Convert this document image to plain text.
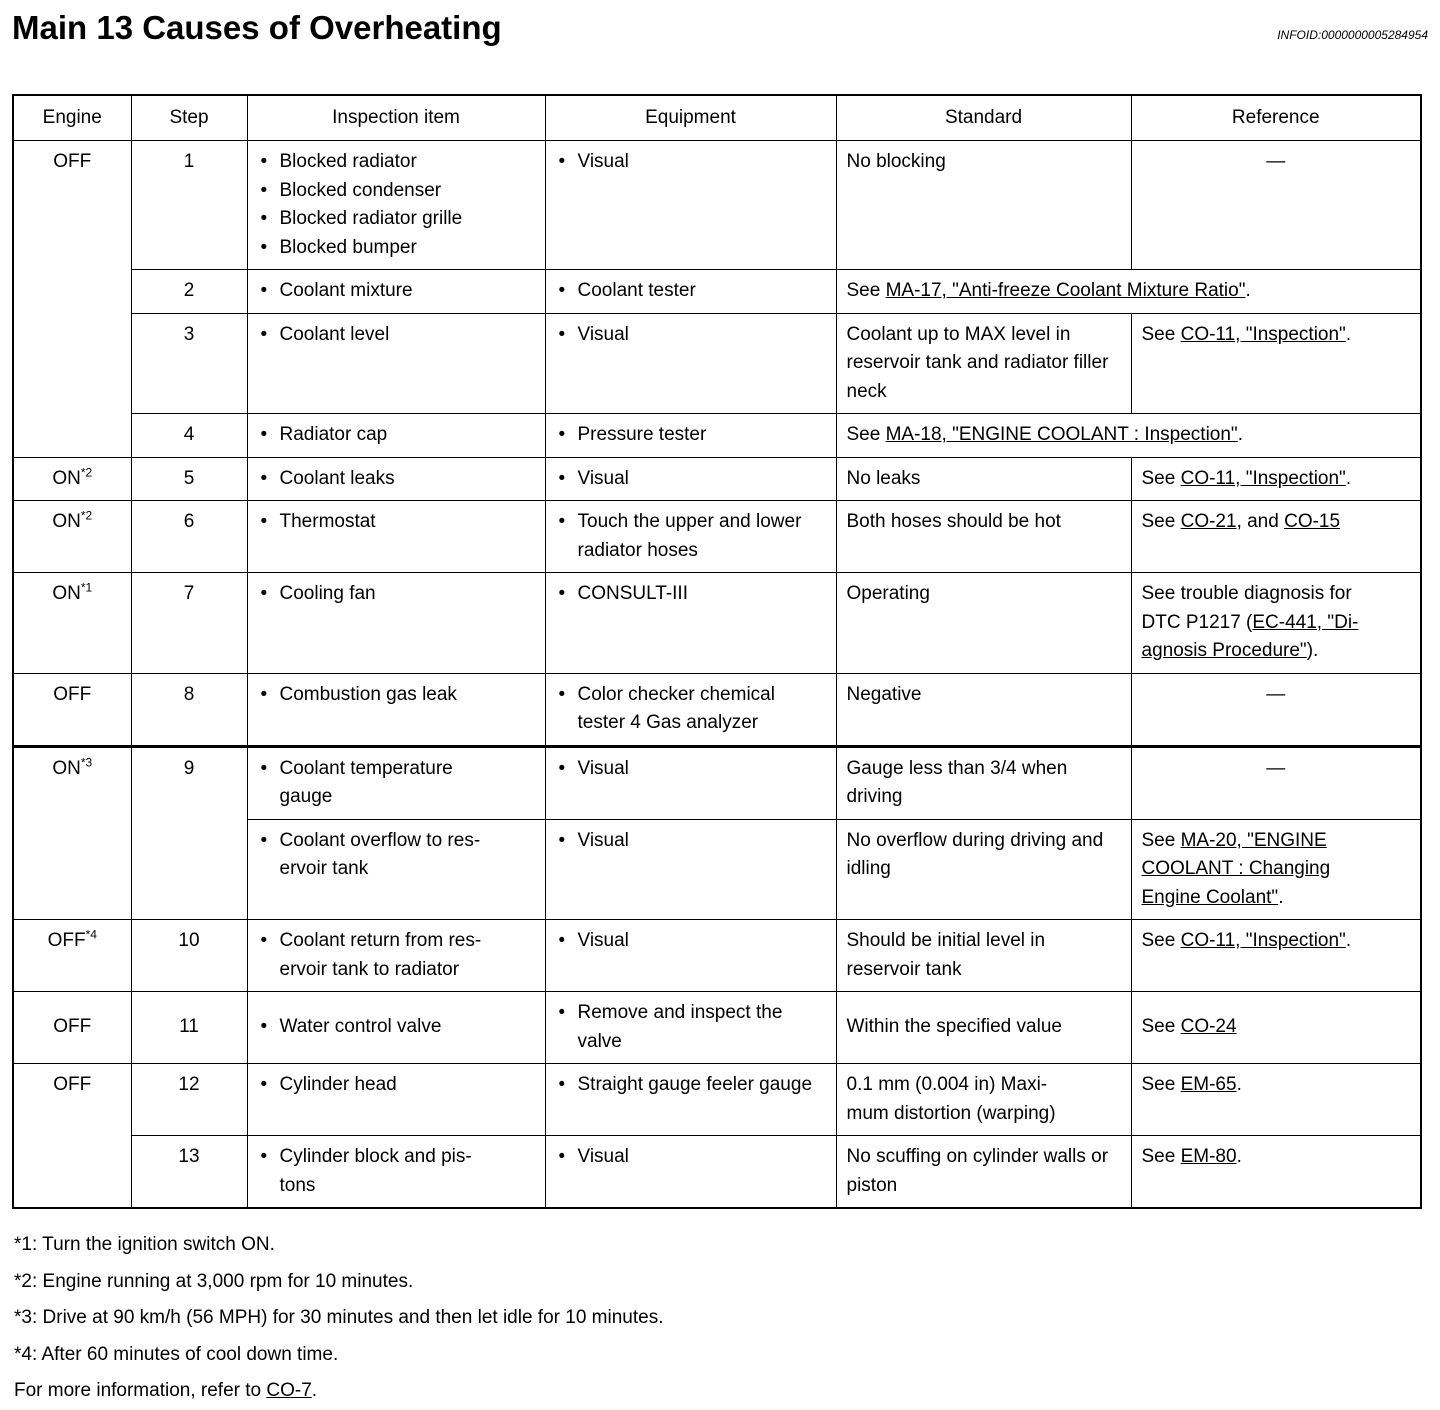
Main 13 Causes of Overheating	INFOID:0000000005284954
Engine	Step	Inspection item	Equipment	Standard	Reference
OFF	1	• Blocked radiator
• Blocked condenser
• Blocked radiator grille
• Blocked bumper	• Visual	No blocking	—
	2	• Coolant mixture	• Coolant tester	See MA-17, "Anti-freeze Coolant Mixture Ratio".	
	3	• Coolant level	• Visual	Coolant up to MAX level in reservoir tank and radiator filler neck	See CO-11, "Inspection".
	4	• Radiator cap	• Pressure tester	See MA-18, "ENGINE COOLANT : Inspection".	
ON$^{*2}$	5	• Coolant leaks	• Visual	No leaks	See CO-11, "Inspection".
ON$^{*2}$	6	• Thermostat	• Touch the upper and lower radiator hoses	Both hoses should be hot	See CO-21, and CO-15
ON$^{*1}$	7	• Cooling fan	• CONSULT-III	Operating	See trouble diagnosis for
DTC P1217 (EC-441, "Di-
agnosis Procedure").
OFF	8	• Combustion gas leak	• Color checker chemical tester 4 Gas analyzer	Negative	—
ON$^{*3}$	9	• Coolant temperature
gauge	• Visual	Gauge less than 3/4 when driving	—

		• Coolant overflow to res-
ervoir tank	• Visual	No overflow during driving and idling	See MA-20, "ENGINE
COOLANT : Changing
Engine Coolant".
OFF$^{*4}$	10	• Coolant return from res-
ervoir tank to radiator	• Visual	Should be initial level in reservoir tank	See CO-11, "Inspection".
OFF	11	• Water control valve	• Remove and inspect the valve	Within the specified value	See CO-24
OFF	12	• Cylinder head	• Straight gauge feeler gauge	0.1 mm (0.004 in) Maxi-
mum distortion (warping)	See EM-65.
	13	• Cylinder block and pis-
tons	• Visual	No scuffing on cylinder walls or piston	See EM-80.

*1: Turn the ignition switch ON.

*2: Engine running at 3,000 rpm for 10 minutes.

*3: Drive at 90 km/h (56 MPH) for 30 minutes and then let idle for 10 minutes.

*4: After 60 minutes of cool down time.

For more information, refer to CO-7.
